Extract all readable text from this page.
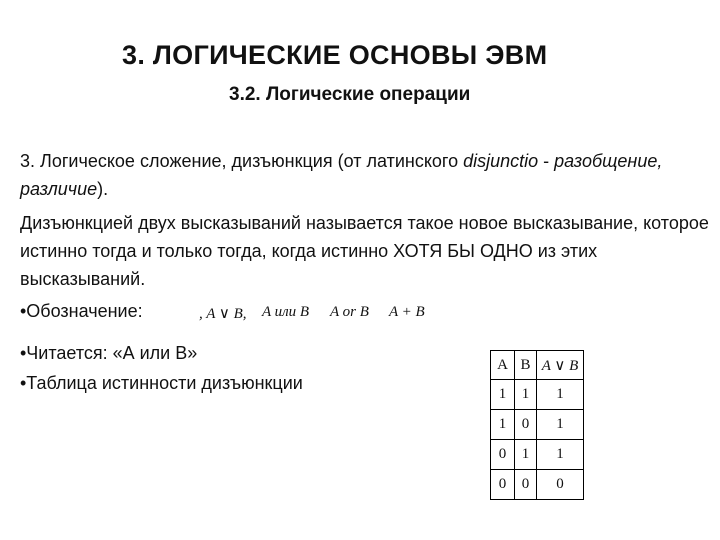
3. ЛОГИЧЕСКИЕ ОСНОВЫ ЭВМ
3.2. Логические операции
3. Логическое сложение, дизъюнкция (от латинского disjunctio - разобщение, различие).
Дизъюнкцией двух высказываний называется такое новое высказывание, которое истинно тогда и только тогда, когда истинно ХОТЯ БЫ ОДНО из этих высказываний.
•Обозначение:	, A ∨ B, A или B A or B A + B
•Читается: «А или В»
•Таблица истинности дизъюнкции
A	B	A ∨ B
1	1	1
1	0	1
0	1	1
0	0	0
